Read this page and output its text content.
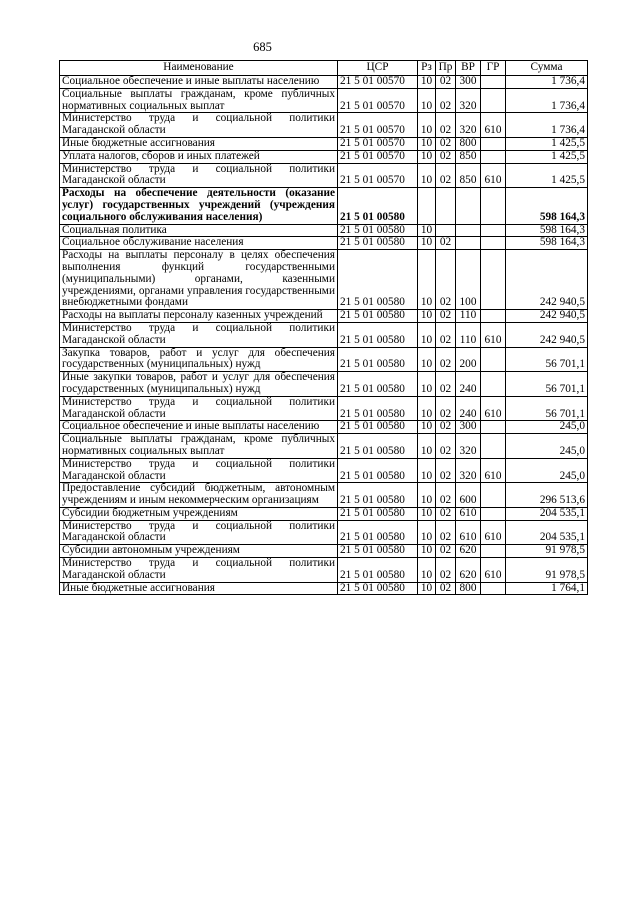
685
Наименование	ЦСР	Рз	Пр	ВР	ГР	Сумма
Социальное обеспечение и иные выплаты населению	21 5 01 00570	10	02	300		1 736,4
Социальные выплаты гражданам, кроме публичных нормативных социальных выплат	21 5 01 00570	10	02	320		1 736,4
Министерство труда и социальной политики Магаданской области	21 5 01 00570	10	02	320	610	1 736,4
Иные бюджетные ассигнования	21 5 01 00570	10	02	800		1 425,5
Уплата налогов, сборов и иных платежей	21 5 01 00570	10	02	850		1 425,5
Министерство труда и социальной политики Магаданской области	21 5 01 00570	10	02	850	610	1 425,5
Расходы на обеспечение деятельности (оказание услуг) государственных учреждений (учреждения социального обслуживания населения)	21 5 01 00580					598 164,3
Социальная политика	21 5 01 00580	10				598 164,3
Социальное обслуживание населения	21 5 01 00580	10	02			598 164,3
Расходы на выплаты персоналу в целях обеспечения выполнения функций государственными (муниципальными) органами, казенными учреждениями, органами управления государственными внебюджетными фондами	21 5 01 00580	10	02	100		242 940,5
Расходы на выплаты персоналу казенных учреждений	21 5 01 00580	10	02	110		242 940,5
Министерство труда и социальной политики Магаданской области	21 5 01 00580	10	02	110	610	242 940,5
Закупка товаров, работ и услуг для обеспечения государственных (муниципальных) нужд	21 5 01 00580	10	02	200		56 701,1
Иные закупки товаров, работ и услуг для обеспечения государственных (муниципальных) нужд	21 5 01 00580	10	02	240		56 701,1
Министерство труда и социальной политики Магаданской области	21 5 01 00580	10	02	240	610	56 701,1
Социальное обеспечение и иные выплаты населению	21 5 01 00580	10	02	300		245,0
Социальные выплаты гражданам, кроме публичных нормативных социальных выплат	21 5 01 00580	10	02	320		245,0
Министерство труда и социальной политики Магаданской области	21 5 01 00580	10	02	320	610	245,0
Предоставление субсидий бюджетным, автономным учреждениям и иным некоммерческим организациям	21 5 01 00580	10	02	600		296 513,6
Субсидии бюджетным учреждениям	21 5 01 00580	10	02	610		204 535,1
Министерство труда и социальной политики Магаданской области	21 5 01 00580	10	02	610	610	204 535,1
Субсидии автономным учреждениям	21 5 01 00580	10	02	620		91 978,5
Министерство труда и социальной политики Магаданской области	21 5 01 00580	10	02	620	610	91 978,5
Иные бюджетные ассигнования	21 5 01 00580	10	02	800		1 764,1
